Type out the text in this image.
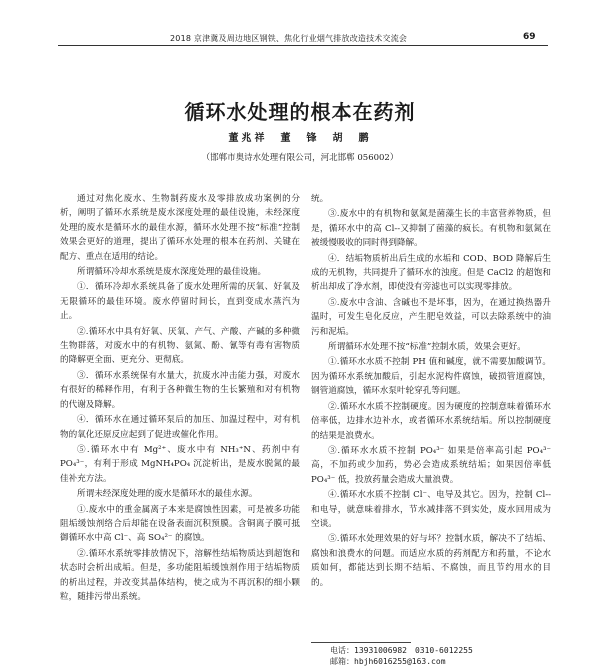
2018 京津冀及周边地区钢铁、焦化行业烟气排放改造技术交流会	69
循环水处理的根本在药剂
董兆祥　董　锋　胡　鹏
（邯郸市奥诗水处理有限公司，河北邯郸 056002）

通过对焦化废水、生物制药废水及零排放成功案例的分析，阐明了循环水系统是废水深度处理的最佳设施，未经深度处理的废水是循环水的最佳水源，循环水处理不按“标准”控制效果会更好的道理，提出了循环水处理的根本在药剂、关键在配方、重点在适用的结论。

所谓循环冷却水系统是废水深度处理的最佳设施。

①．循环冷却水系统具备了废水处理所需的厌氧、好氧及无限循环的最佳环境。废水停留时间长，直到变成水蒸汽为止。

②.循环水中具有好氧、厌氧、产气、产酸、产碱的多种微生物群落，对废水中的有机物、氨氮、酚、氰等有毒有害物质的降解更全面、更充分、更彻底。

③．循环水系统保有水量大，抗废水冲击能力强，对废水有很好的稀释作用，有利于各种微生物的生长繁殖和对有机物的代谢及降解。

④．循环水在通过循环泵后的加压、加温过程中，对有机物的氧化还原反应起到了促进或催化作用。

⑤.循环水中有 Mg²⁺、废水中有 NH₃⁺N、药剂中有 PO₄³⁻，有利于形成 MgNH₄PO₄ 沉淀析出，是废水脱氮的最佳补充方法。

所谓未经深度处理的废水是循环水的最佳水源。

①.废水中的重金属离子本来是腐蚀性因素，可是被多功能阻垢缓蚀剂络合后却能在设备表面沉积预膜。含铜离子膜可抵御循环水中高 Cl⁻、高 SO₄²⁻ 的腐蚀。

②.循环水系统零排放情况下，溶解性结垢物质达到超饱和状态时会析出成垢。但是，多功能阻垢缓蚀剂作用于结垢物质的析出过程，并改变其晶体结构，使之成为不再沉积的细小颗粒，随排污带出系统。

统。

③.废水中的有机物和氨氮是菌藻生长的丰富营养物质，但是，循环水中的高 Cl--又抑制了菌藻的疯长。有机物和氨氮在被缓慢吸收的同时得到降解。

④．结垢物质析出后生成的水垢和 COD、BOD 降解后生成的无机物，共同提升了循环水的浊度。但是 CaCl2 的超饱和析出却成了净水剂，即使没有旁滤也可以实现零排放。

⑤.废水中含油、含碱也不是坏事，因为，在通过换热器升温时，可发生皂化反应，产生肥皂效益，可以去除系统中的油污和泥垢。

所谓循环水处理不按“标准”控制水质，效果会更好。

①.循环水水质不控制 PH 值和碱度，就不需要加酸调节。因为循环水系统加酸后，引起水泥构件腐蚀，破损管道腐蚀，钢管道腐蚀，循环水泵叶轮穿孔等问题。

②.循环水水质不控制硬度。因为硬度的控制意味着循环水倍率低，边排水边补水，或者循环水系统结垢。所以控制硬度的结果是浪费水。

③.循环水水质不控制 PO₄³⁻ 如果是倍率高引起 PO₄³⁻ 高，不加药或少加药，势必会造成系统结垢；如果因倍率低 PO₄³⁻ 低，投放药量会造成大量浪费。

④.循环水水质不控制 Cl⁻、电导及其它。因为，控制 Cl--和电导，就意味着排水，节水减排落不到实处，废水回用成为空谈。

⑤.循环水处理效果的好与坏？控制水质，解决不了结垢、腐蚀和浪费水的问题。而适应水质的药剂配方和药量，不论水质如何，都能达到长期不结垢、不腐蚀，而且节约用水的目的。

电话：13931006982　0310-6012255
邮箱：hbjh6016255@163.com
